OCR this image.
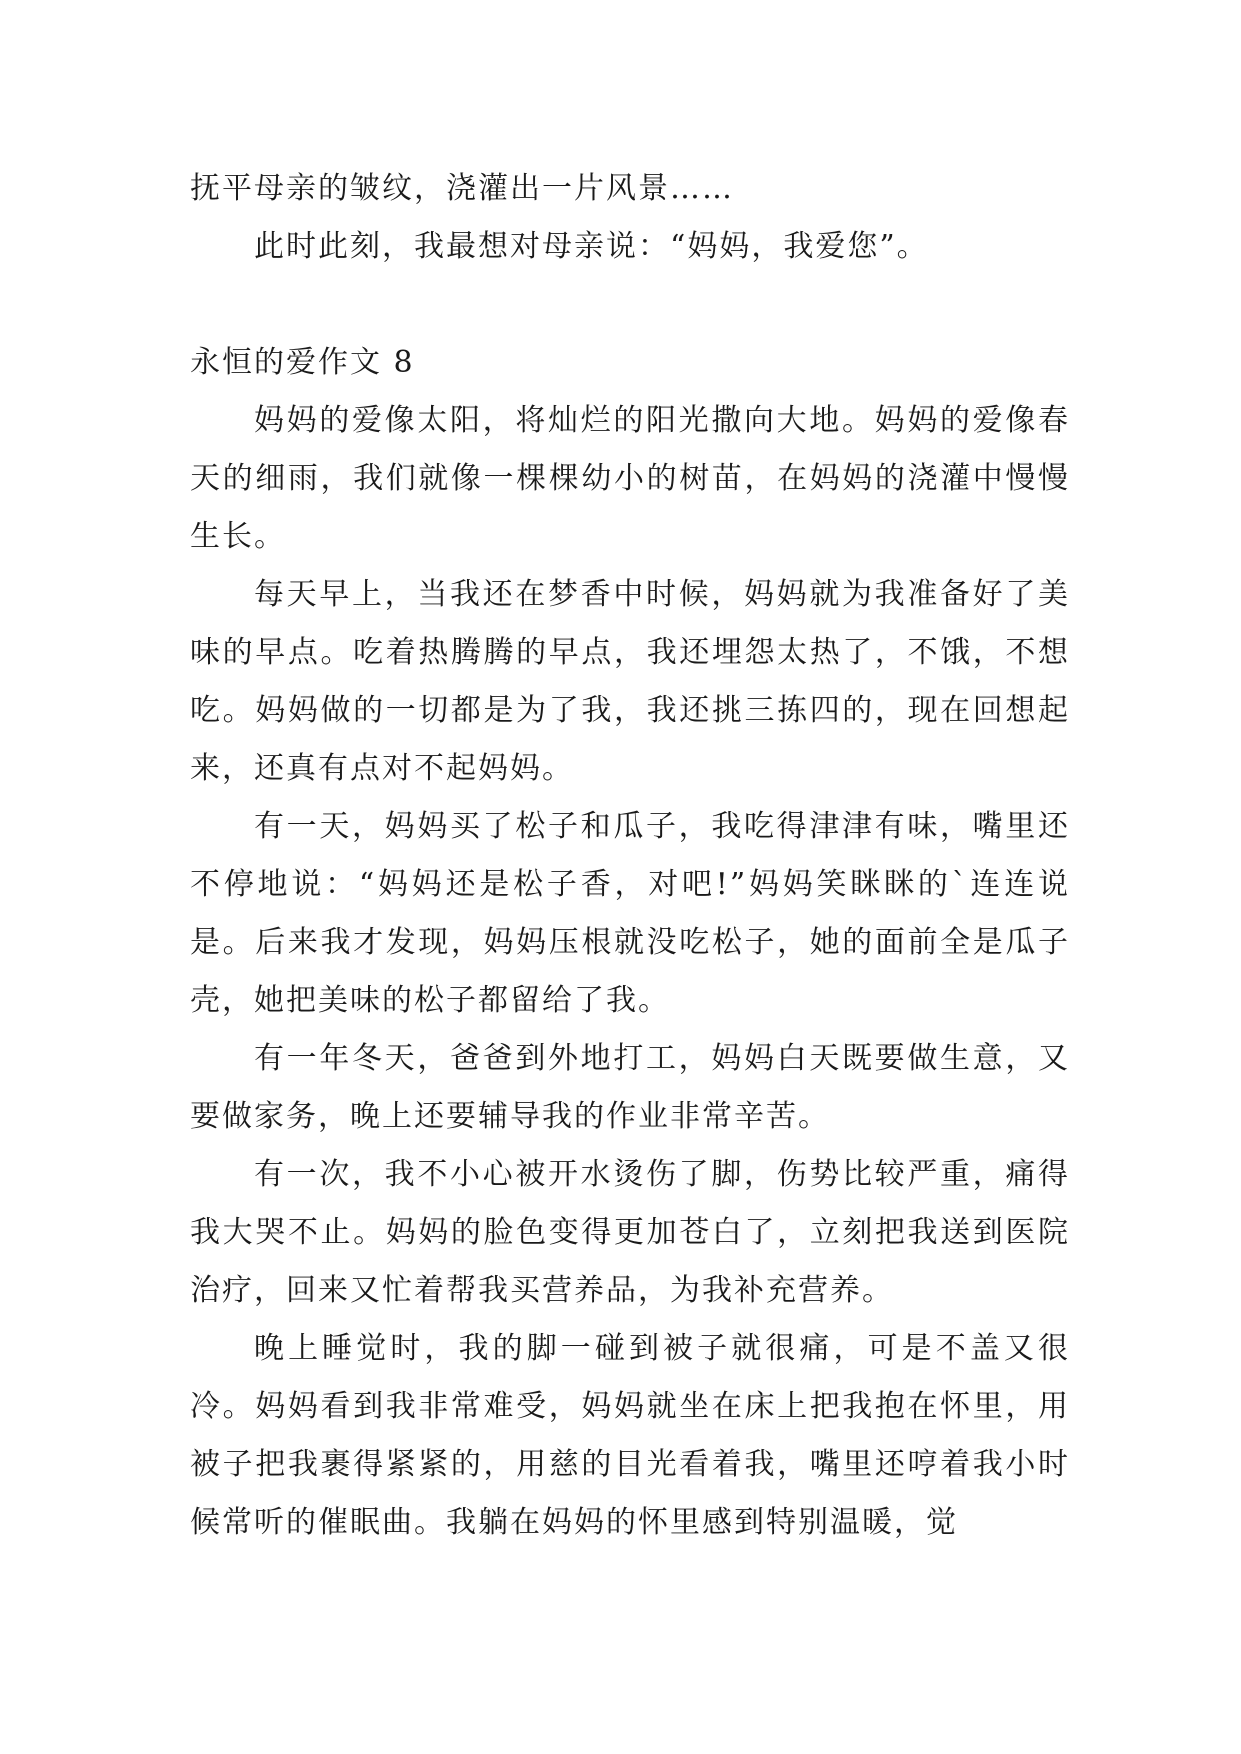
抚平母亲的皱纹，浇灌出一片风景……

此时此刻，我最想对母亲说：“妈妈，我爱您”。

永恒的爱作文 8

妈妈的爱像太阳，将灿烂的阳光撒向大地。妈妈的爱像春天的细雨，我们就像一棵棵幼小的树苗，在妈妈的浇灌中慢慢生长。

每天早上，当我还在梦香中时候，妈妈就为我准备好了美味的早点。吃着热腾腾的早点，我还埋怨太热了，不饿，不想吃。妈妈做的一切都是为了我，我还挑三拣四的，现在回想起来，还真有点对不起妈妈。

有一天，妈妈买了松子和瓜子，我吃得津津有味，嘴里还不停地说：“妈妈还是松子香，对吧!”妈妈笑眯眯的`连连说是。后来我才发现，妈妈压根就没吃松子，她的面前全是瓜子壳，她把美味的松子都留给了我。

有一年冬天，爸爸到外地打工，妈妈白天既要做生意，又要做家务，晚上还要辅导我的作业非常辛苦。

有一次，我不小心被开水烫伤了脚，伤势比较严重，痛得我大哭不止。妈妈的脸色变得更加苍白了，立刻把我送到医院治疗，回来又忙着帮我买营养品，为我补充营养。

晚上睡觉时，我的脚一碰到被子就很痛，可是不盖又很冷。妈妈看到我非常难受，妈妈就坐在床上把我抱在怀里，用被子把我裹得紧紧的，用慈的目光看着我，嘴里还哼着我小时候常听的催眠曲。我躺在妈妈的怀里感到特别温暖，觉
